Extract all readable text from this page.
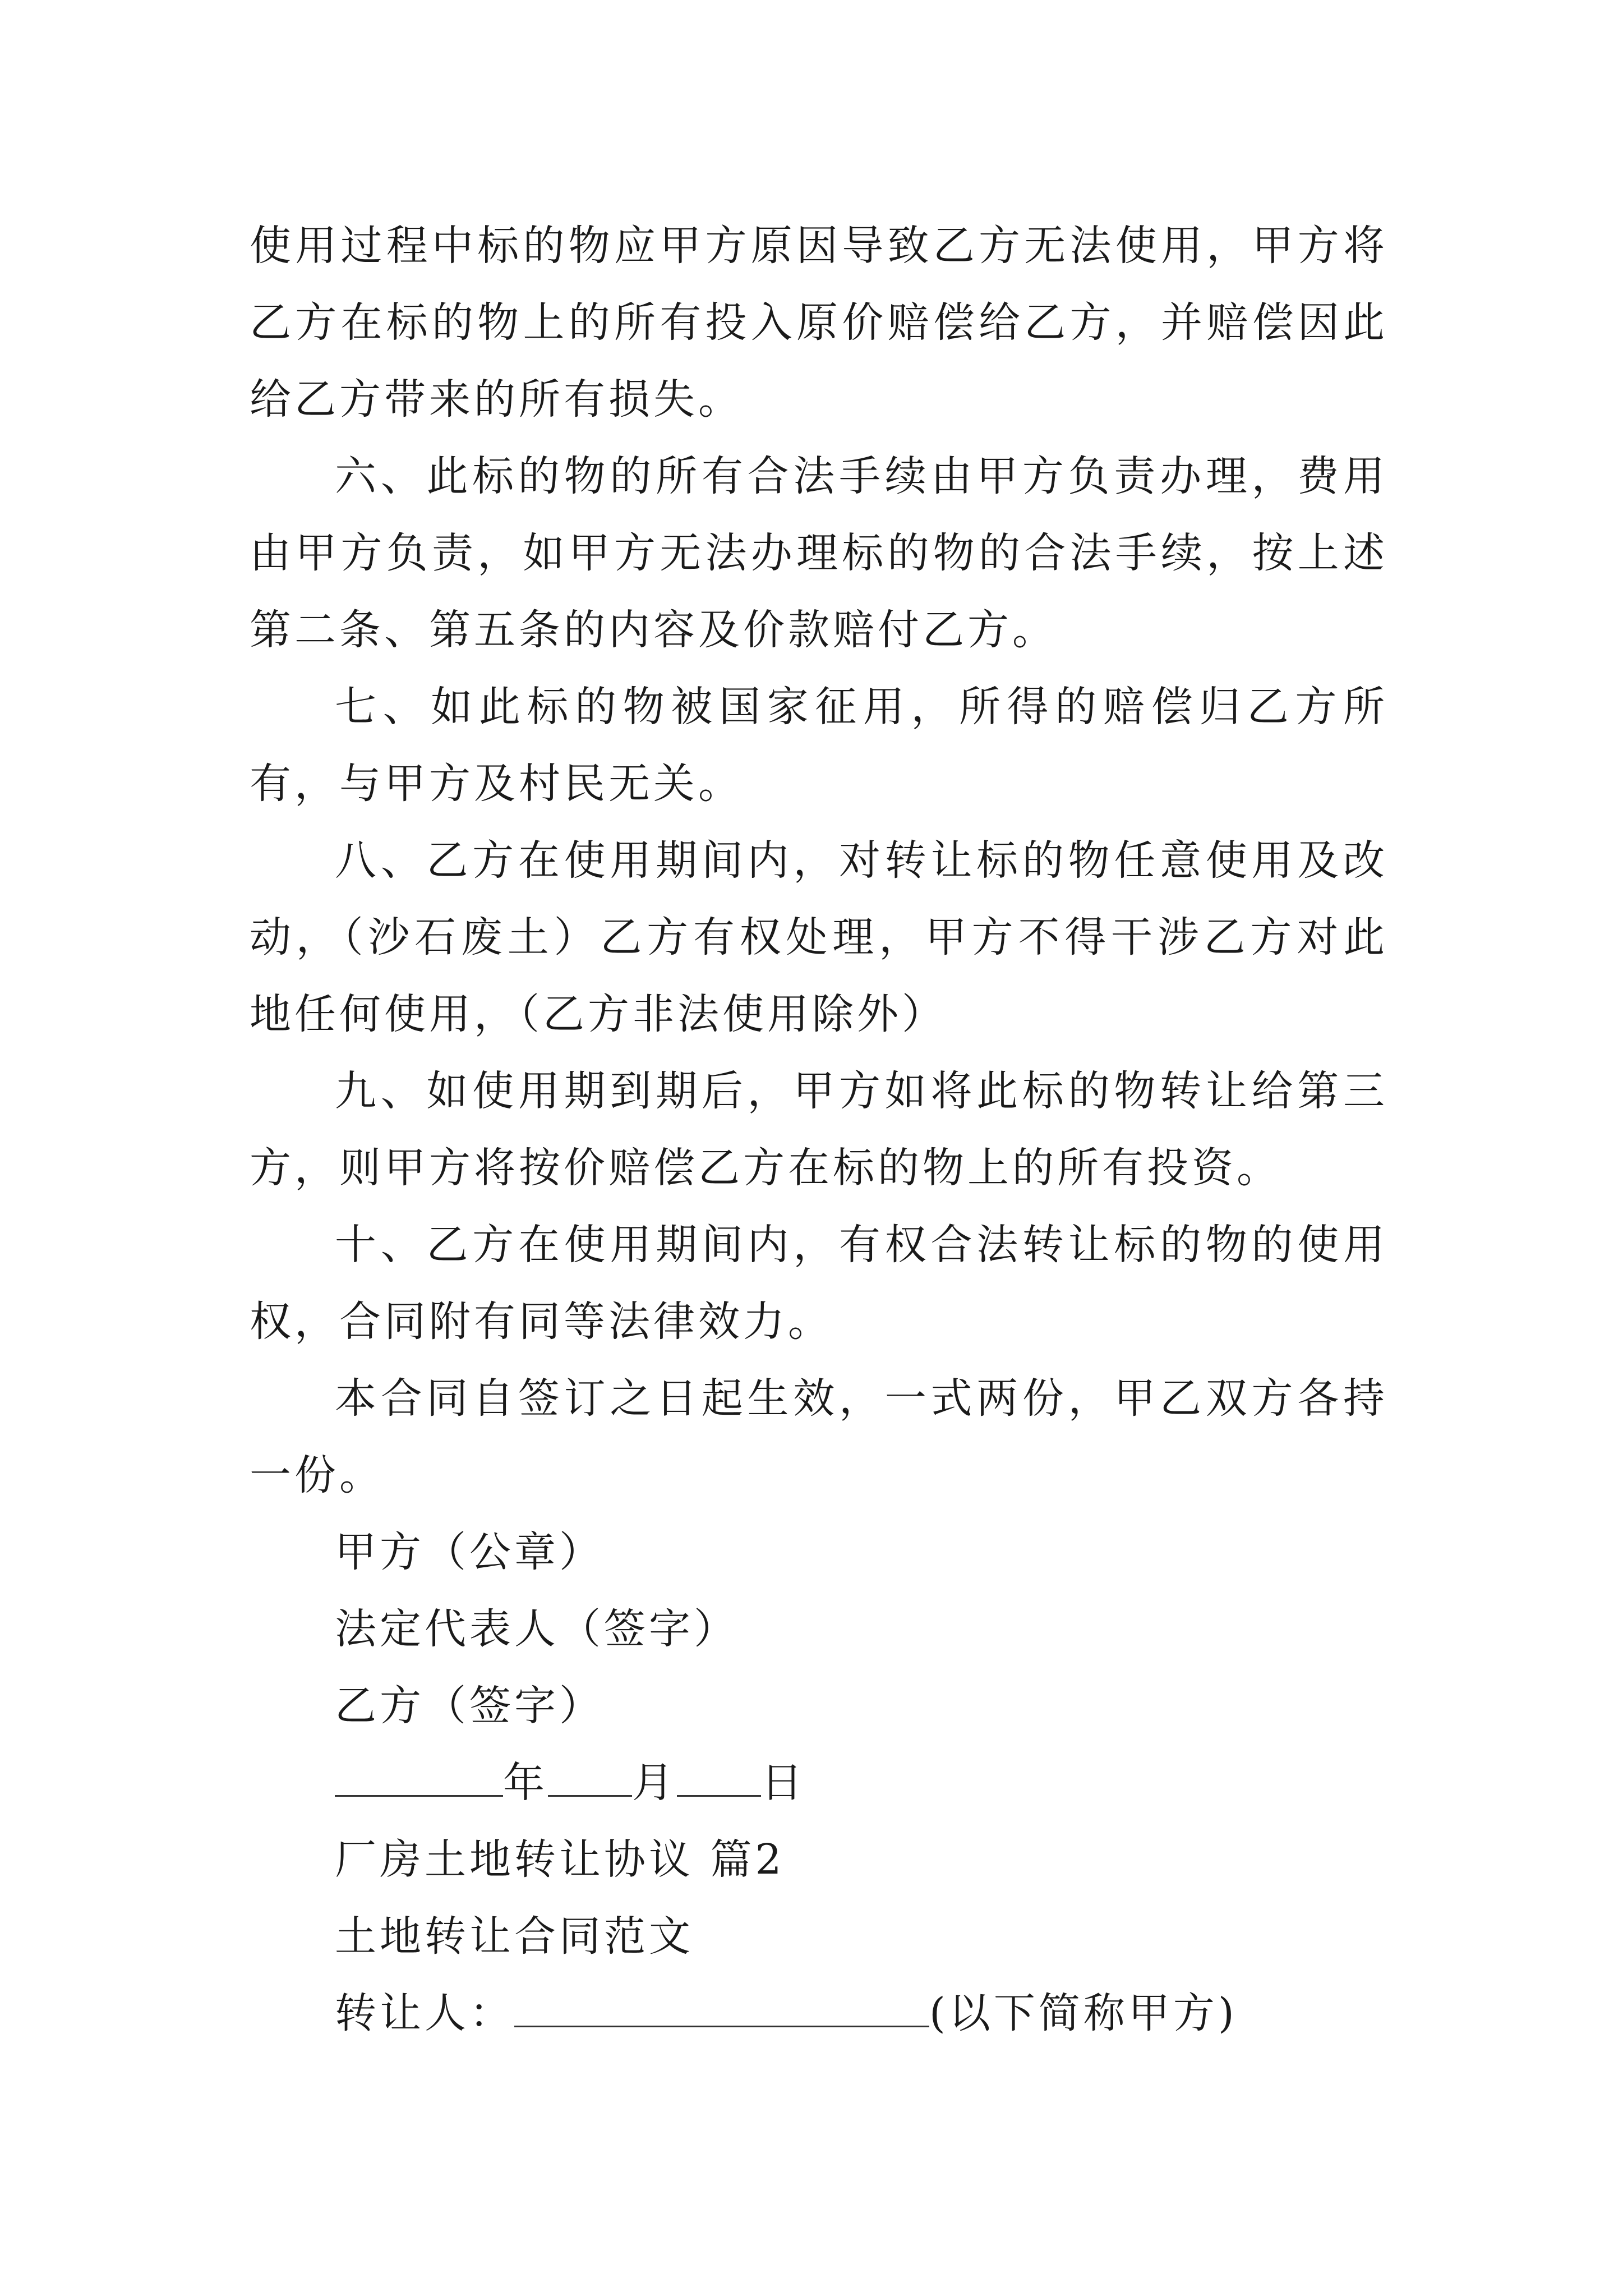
使用过程中标的物应甲方原因导致乙方无法使用，甲方将乙方在标的物上的所有投入原价赔偿给乙方，并赔偿因此给乙方带来的所有损失。

六、此标的物的所有合法手续由甲方负责办理，费用由甲方负责，如甲方无法办理标的物的合法手续，按上述第二条、第五条的内容及价款赔付乙方。

七、如此标的物被国家征用，所得的赔偿归乙方所有，与甲方及村民无关。

八、乙方在使用期间内，对转让标的物任意使用及改动，（沙石废土）乙方有权处理，甲方不得干涉乙方对此地任何使用，（乙方非法使用除外）

九、如使用期到期后，甲方如将此标的物转让给第三方，则甲方将按价赔偿乙方在标的物上的所有投资。

十、乙方在使用期间内，有权合法转让标的物的使用权，合同附有同等法律效力。

本合同自签订之日起生效，一式两份，甲乙双方各持一份。

甲方（公章）

法定代表人（签字）

乙方（签字）

年 月 日

厂房土地转让协议 篇2

土地转让合同范文

转让人：	(以下简称甲方)
